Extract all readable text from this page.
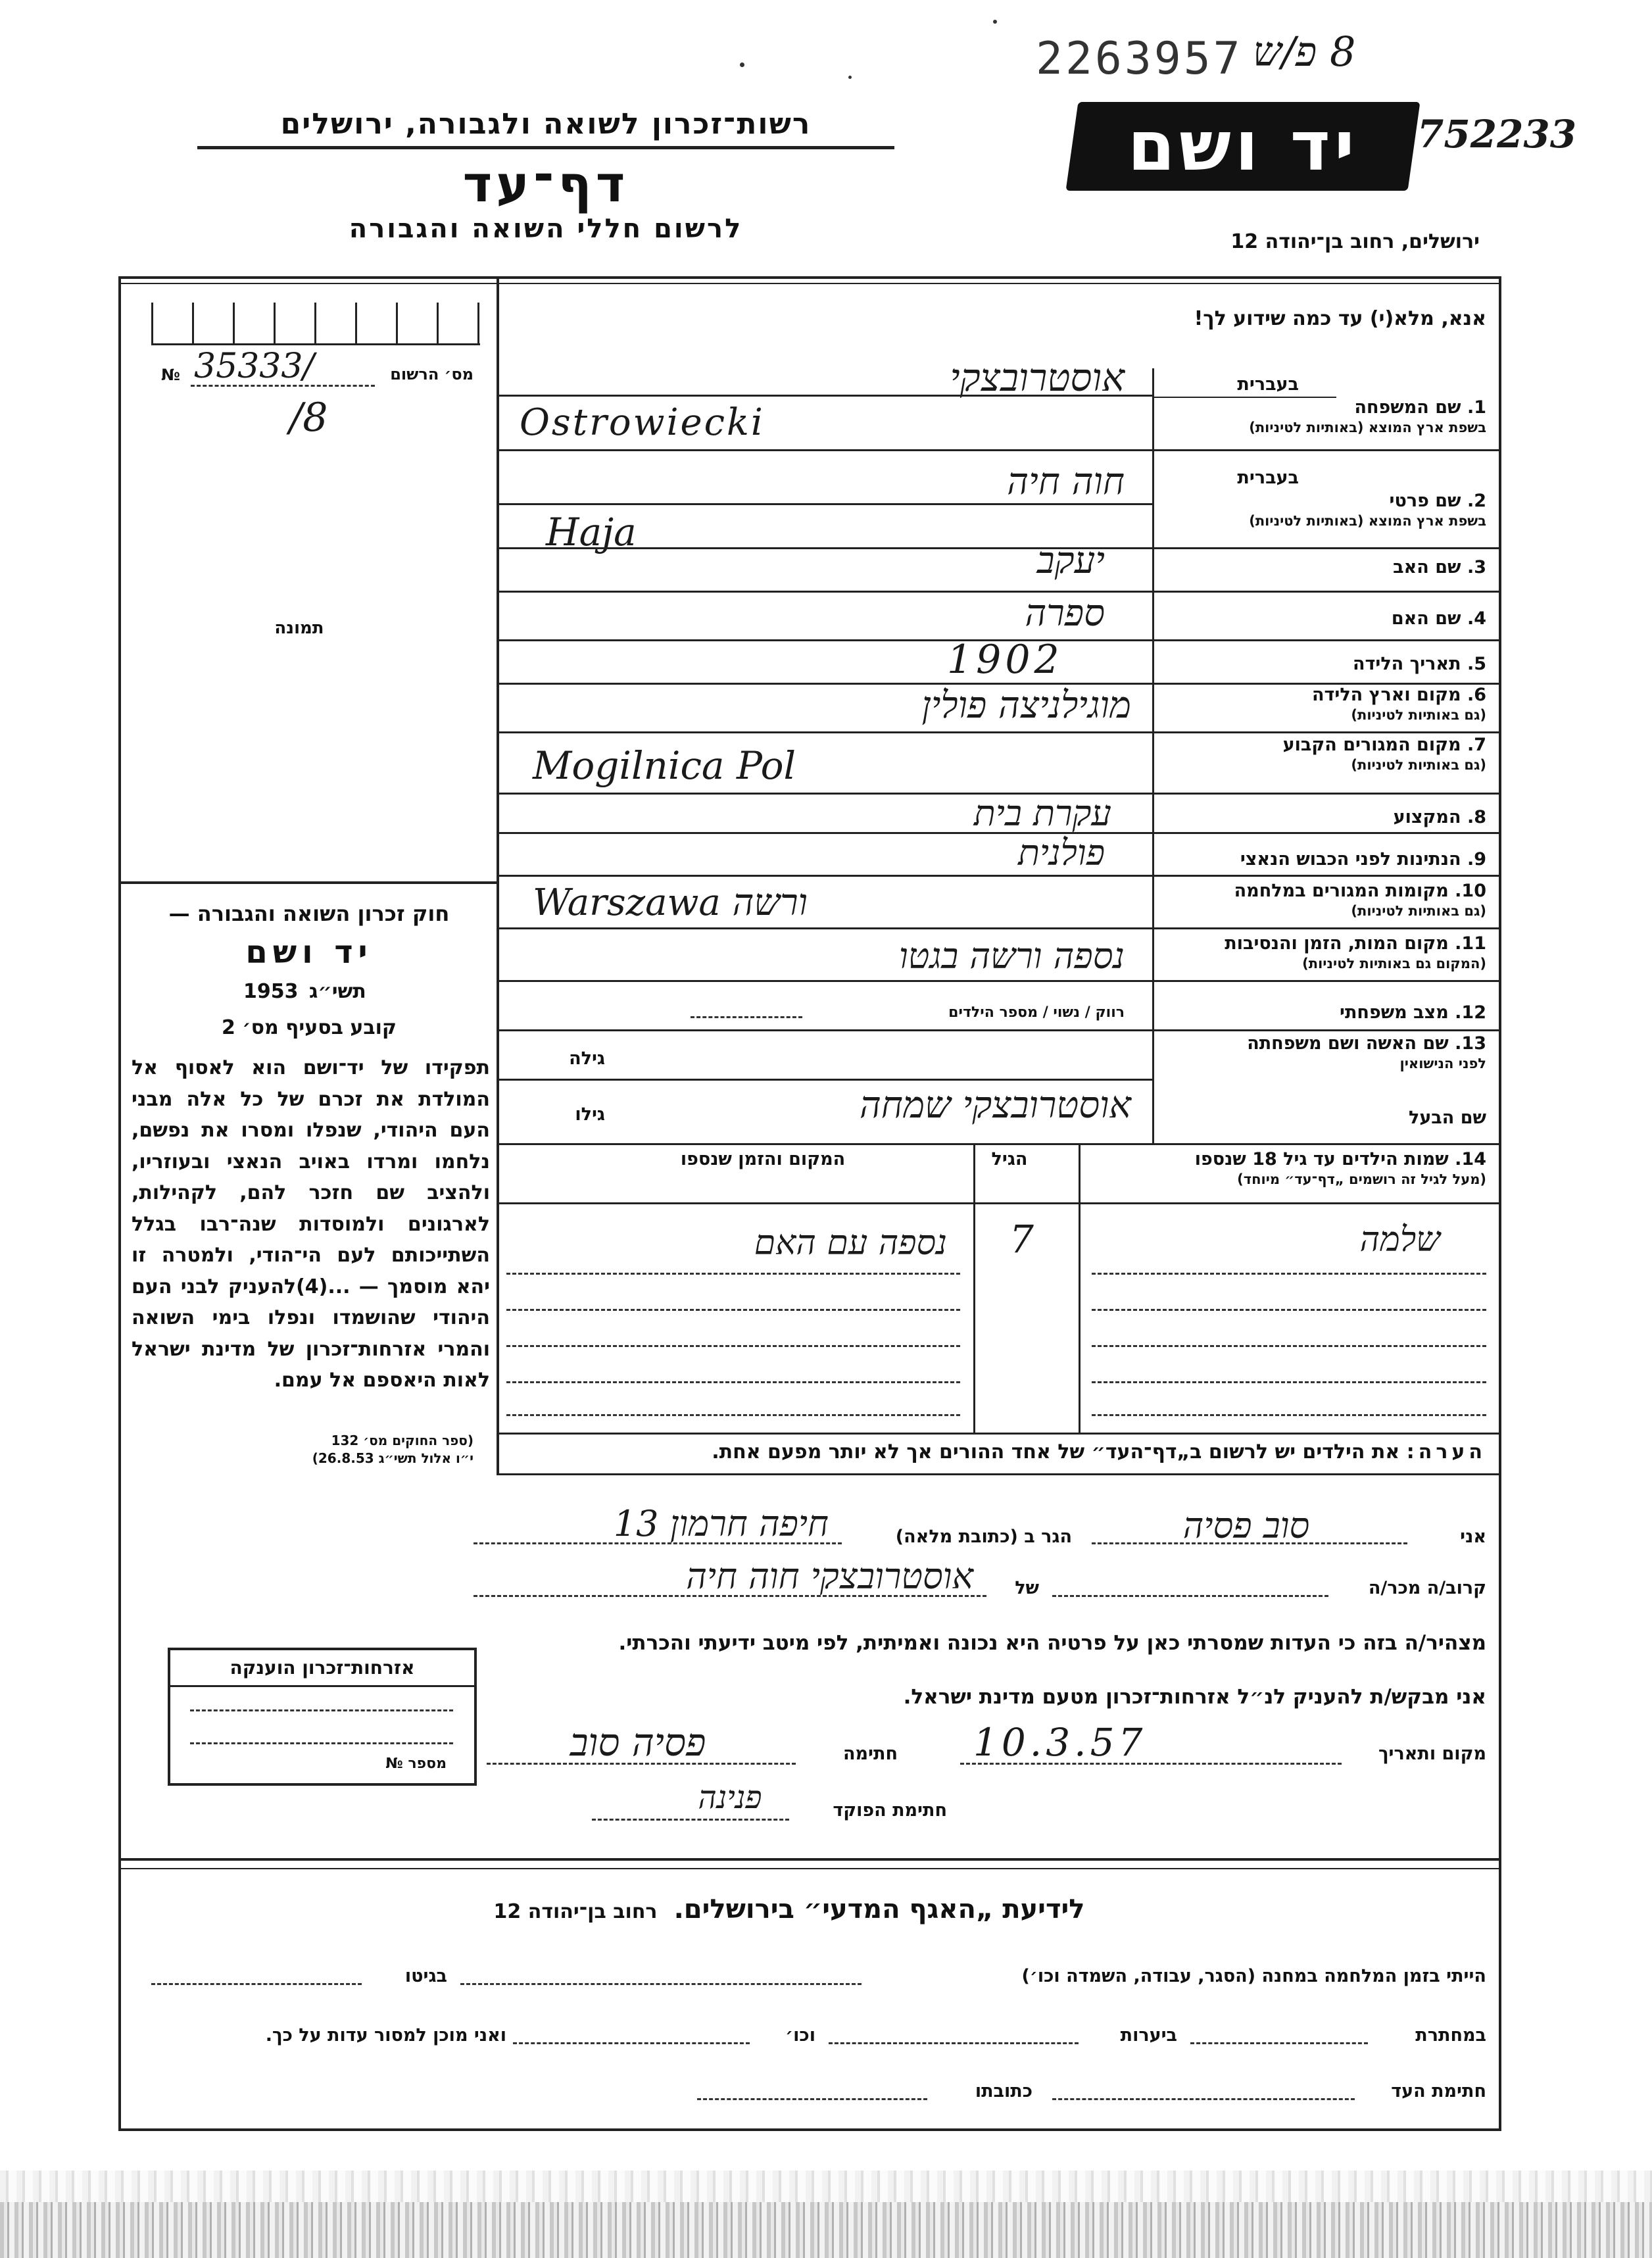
2263957 8 פ/ש
752233
רשות־זכרון לשואה ולגבורה, ירושלים
דף־עד
לרשום חללי השואה והגבורה
יד ושם
ירושלים, רחוב בן־יהודה 12
מס׳ הרשום
№ 35333/
/8
תמונה
חוק זכרון השואה והגבורה —
יד ושם
תשי״ג
1953
קובע בסעיף מס׳ 2
תפקידו של יד־ושם הוא לאסוף אל המולדת את זכרם של כל אלה מבני העם היהודי, שנפלו ומסרו את נפשם, נלחמו ומרדו באויב הנאצי ובעוזריו, ולהציב שם חזכר להם, לקהילות, לארגונים ולמוסדות שנה־רבו בגלל השתייכותם לעם הי־הודי, ולמטרה זו יהא מוסמך — ...(4)להעניק לבני העם היהודי שהושמדו ונפלו בימי השואה והמרי אזרחות־זכרון של מדינת ישראל לאות היאספם אל עמם.
(ספר החוקים מס׳ 132
י״ו אלול תשי״ג 26.8.53)
אנא, מלא(י) עד כמה שידוע לך!
בעברית
1. שם המשפחה
בשפת ארץ המוצא (באותיות לטיניות)
אוסטרובצקי
Ostrowiecki
בעברית
2. שם פרטי
בשפת ארץ המוצא (באותיות לטיניות)
חוה חיה
Haja
3. שם האב
יעקב
4. שם האם
ספרה
5. תאריך הלידה
1902
6. מקום וארץ הלידה
(גם באותיות לטיניות)
מוגילניצה פולין
7. מקום המגורים הקבוע
(גם באותיות לטיניות)
Mogilnica Pol
8. המקצוע
עקרת בית
9. הנתינות לפני הכבוש הנאצי
פולנית
10. מקומות המגורים במלחמה
(גם באותיות לטיניות)
Warszawa ורשה
11. מקום המות, הזמן והנסיבות
(המקום גם באותיות לטיניות)
נספה ורשה בגטו
12. מצב משפחתי
רווק / נשוי / מספר הילדים
13. שם האשה ושם משפחתה
לפני הנישואין
גילה
שם הבעל
גילו	אוסטרובצקי שמחה
14. שמות הילדים עד גיל 18 שנספו
(מעל לגיל זה רושמים „דף־עד״ מיוחד)
הגיל
המקום והזמן שנספו
שלמה
7
נספה עם האם
הערה: את הילדים יש לרשום ב„דף־העד״ של אחד ההורים אך לא יותר מפעם אחת.
אני
סוב פסיה
הגר ב (כתובת מלאה)
חיפה חרמון 13
קרוב/ה מכר/ה
של
אוסטרובצקי חוה חיה
מצהיר/ה בזה כי העדות שמסרתי כאן על פרטיה היא נכונה ואמיתית, לפי מיטב ידיעתי והכרתי.
אני מבקש/ת להעניק לנ״ל אזרחות־זכרון מטעם מדינת ישראל.
מקום ותאריך
10.3.57
חתימה
פסיה סוב
חתימת הפוקד
פנינה
אזרחות־זכרון הוענקה
מספר №
לידיעת „האגף המדעי״ בירושלים. רחוב בן־יהודה 12
הייתי בזמן המלחמה במחנה (הסגר, עבודה, השמדה וכו׳)
בגיטו
במחתרת
ביערות
וכו׳
ואני מוכן למסור עדות על כך.
חתימת העד
כתובתו
